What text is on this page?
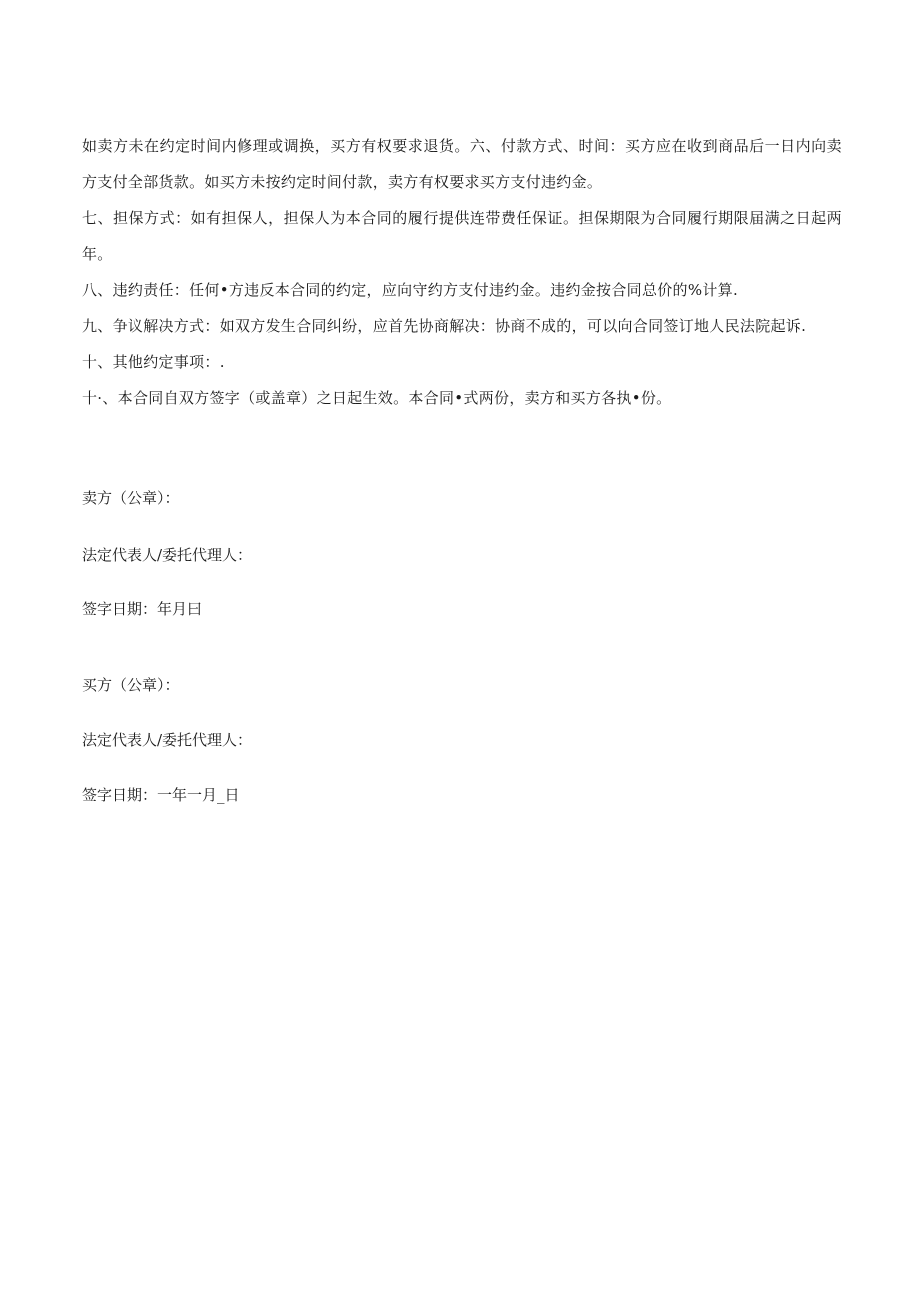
如卖方未在约定时间内修理或调换，买方有权要求退货。六、付款方式、时间：买方应在收到商品后一日内向卖方支付全部货款。如买方未按约定时间付款，卖方有权要求买方支付违约金。

七、担保方式：如有担保人，担保人为本合同的履行提供连带费任保证。担保期限为合同履行期限届满之日起两年。

八、违约责任：任何•方违反本合同的约定，应向守约方支付违约金。违约金按合同总价的%计算.

九、争议解决方式：如双方发生合同纠纷，应首先协商解决：协商不成的，可以向合同签订地人民法院起诉.

十、其他约定事项：.

十·、本合同自双方签字（或盖章）之日起生效。本合同•式两份，卖方和买方各执•份。

卖方（公章）：

法定代表人/委托代理人：

签字日期：年月曰

买方（公章）：

法定代表人/委托代理人：

签字日期：一年一月_日
